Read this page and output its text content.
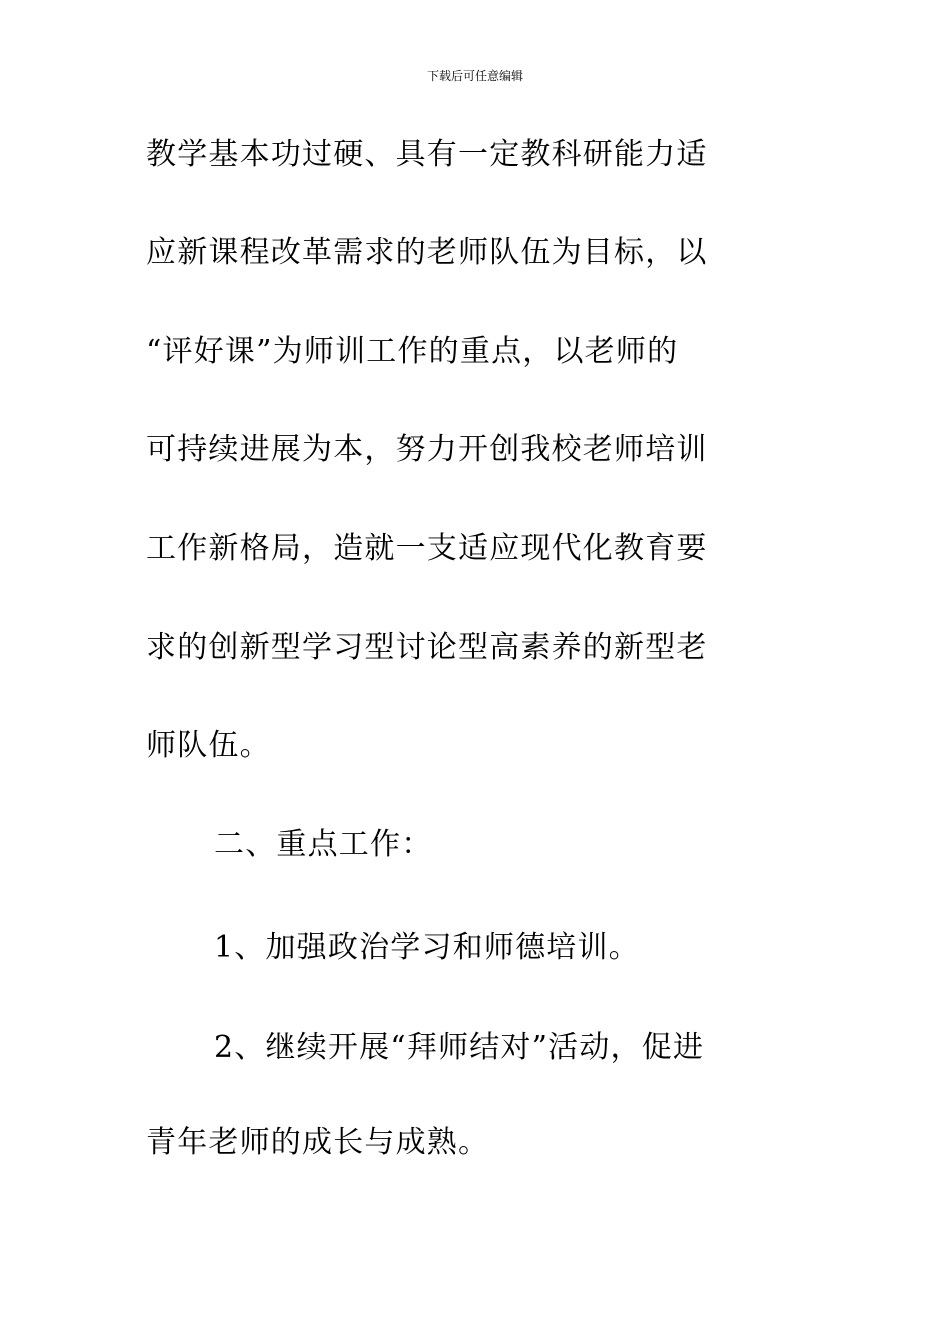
下载后可任意编辑
教学基本功过硬、具有一定教科研能力适
应新课程改革需求的老师队伍为目标，以
“评好课”为师训工作的重点，以老师的
可持续进展为本，努力开创我校老师培训
工作新格局，造就一支适应现代化教育要
求的创新型学习型讨论型高素养的新型老
师队伍。
二、重点工作：
1、加强政治学习和师德培训。
2、继续开展“拜师结对”活动，促进
青年老师的成长与成熟。
